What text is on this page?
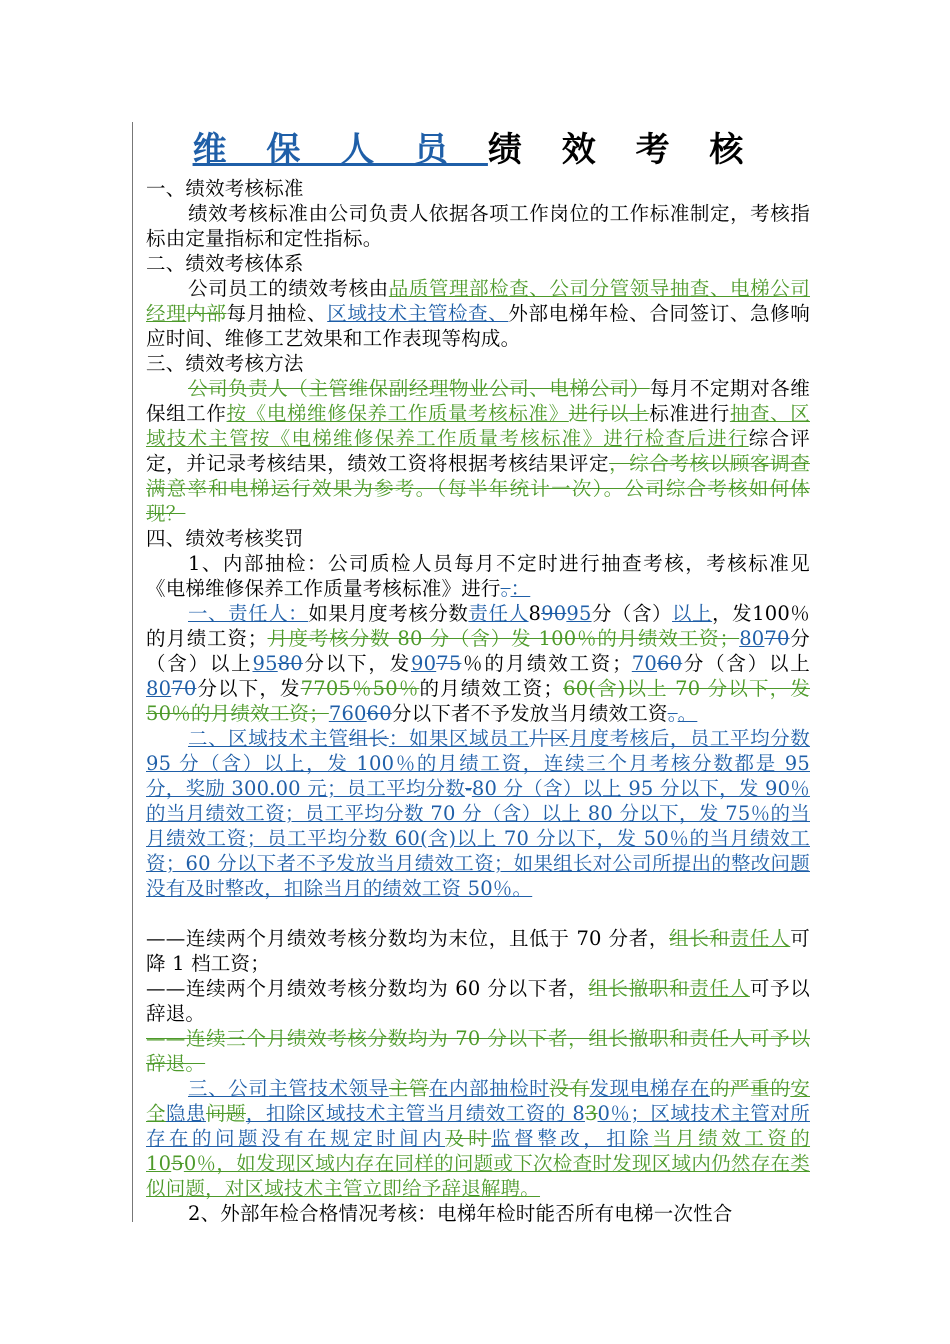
维 保 人 员 绩 效 考 核

一、绩效考核标准

绩效考核标准由公司负责人依据各项工作岗位的工作标准制定，考核指标由定量指标和定性指标。

二、绩效考核体系

公司员工的绩效考核由品质管理部检查、公司分管领导抽查、电梯公司经理内部每月抽检、区域技术主管检查、外部电梯年检、合同签订、急修响应时间、维修工艺效果和工作表现等构成。

三、绩效考核方法

公司负责人（主管维保副经理物业公司、电梯公司）每月不定期对各维保组工作按《电梯维修保养工作质量考核标准》进行以上标准进行抽查、区域技术主管按《电梯维修保养工作质量考核标准》进行检查后进行综合评定，并记录考核结果，绩效工资将根据考核结果评定，综合考核以顾客调查满意率和电梯运行效果为参考。（每半年统计一次）。公司综合考核如何体现？

四、绩效考核奖罚

1、内部抽检：公司质检人员每月不定时进行抽查考核，考核标准见《电梯维修保养工作质量考核标准》进行。：

一、责任人：如果月度考核分数责任人89095分（含）以上，发100％的月绩工资；月度考核分数 80 分（含）发 100％的月绩效工资；8070分（含）以上9580分以下，发9075％的月绩效工资；7060分（含）以上8070分以下，发7705％50％的月绩效工资；60(含)以上 70 分以下，发 50％的月绩效工资；76060分以下者不予发放当月绩效工资。。

二、区域技术主管组长：如果区域员工片区月度考核后，员工平均分数 95 分（含）以上，发 100％的月绩工资，连续三个月考核分数都是 95 分，奖励 300.00 元；员工平均分数-80 分（含）以上 95 分以下，发 90％的当月绩效工资；员工平均分数 70 分（含）以上 80 分以下，发 75％的当月绩效工资；员工平均分数 60(含)以上 70 分以下，发 50％的当月绩效工资；60 分以下者不予发放当月绩效工资；如果组长对公司所提出的整改问题没有及时整改，扣除当月的绩效工资 50％。

——连续两个月绩效考核分数均为末位，且低于 70 分者，组长和责任人可降 1 档工资；

——连续两个月绩效考核分数均为 60 分以下者，组长撤职和责任人可予以辞退。

——连续三个月绩效考核分数均为 70 分以下者，组长撤职和责任人可予以辞退。

三、公司主管技术领导主管在内部抽检时没有发现电梯存在的严重的安全隐患问题，扣除区域技术主管当月绩效工资的 830％；区域技术主管对所存在的问题没有在规定时间内及时监督整改，扣除当月绩效工资的 1050％，如发现区域内存在同样的问题或下次检查时发现区域内仍然存在类似问题，对区域技术主管立即给予辞退解聘。

2、外部年检合格情况考核：电梯年检时能否所有电梯一次性合
